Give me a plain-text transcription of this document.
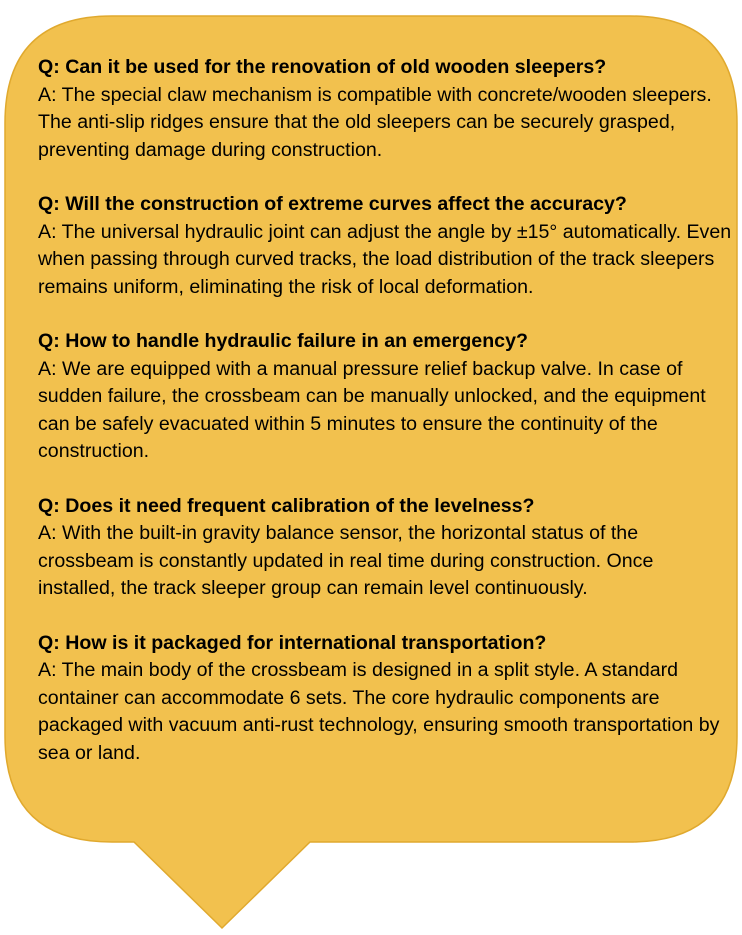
Q: Can it be used for the renovation of old wooden sleepers?
A: The special claw mechanism is compatible with concrete/wooden sleepers. The anti-slip ridges ensure that the old sleepers can be securely grasped, preventing damage during construction.
Q: Will the construction of extreme curves affect the accuracy?
A: The universal hydraulic joint can adjust the angle by ±15° automatically. Even when passing through curved tracks, the load distribution of the track sleepers remains uniform, eliminating the risk of local deformation.
Q: How to handle hydraulic failure in an emergency?
A: We are equipped with a manual pressure relief backup valve. In case of sudden failure, the crossbeam can be manually unlocked, and the equipment can be safely evacuated within 5 minutes to ensure the continuity of the construction.
Q: Does it need frequent calibration of the levelness?
A: With the built-in gravity balance sensor, the horizontal status of the crossbeam is constantly updated in real time during construction. Once installed, the track sleeper group can remain level continuously.
Q: How is it packaged for international transportation?
A: The main body of the crossbeam is designed in a split style. A standard container can accommodate 6 sets. The core hydraulic components are packaged with vacuum anti-rust technology, ensuring smooth transportation by sea or land.
